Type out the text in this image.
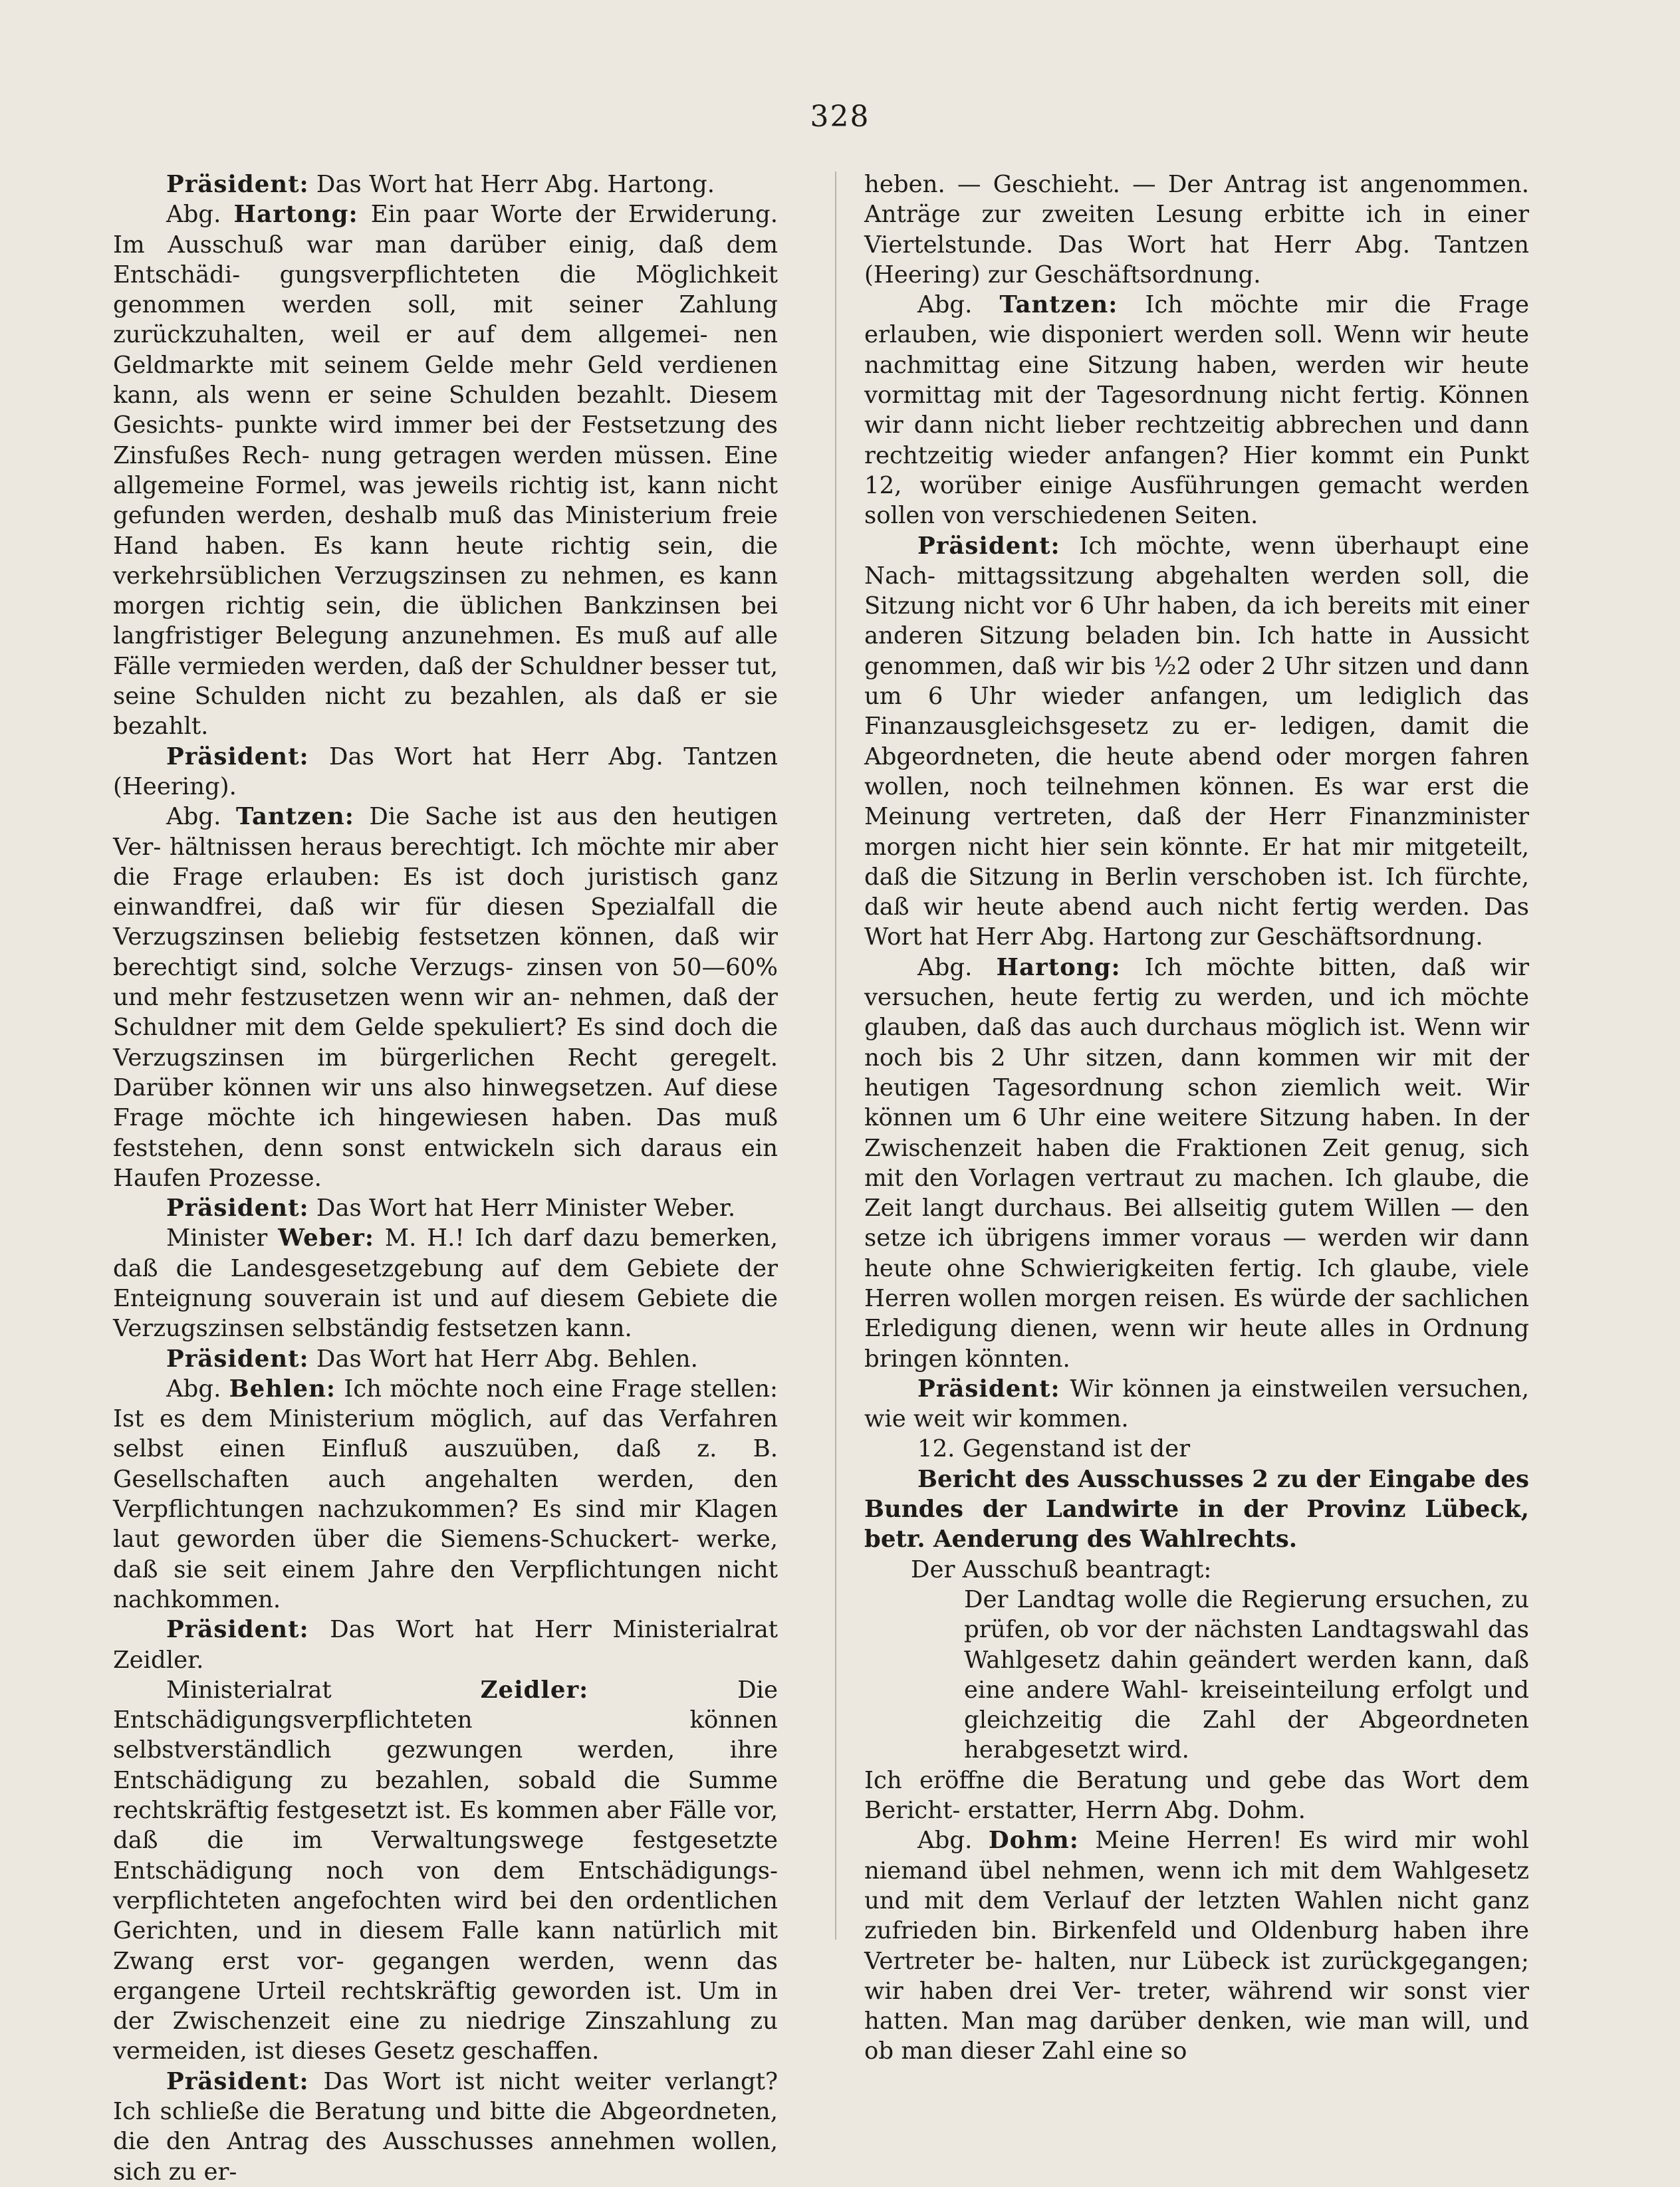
328

Präsident: Das Wort hat Herr Abg. Hartong.

Abg. Hartong: Ein paar Worte der Erwiderung. Im Ausschuß war man darüber einig, daß dem Entschädi- gungsverpflichteten die Möglichkeit genommen werden soll, mit seiner Zahlung zurückzuhalten, weil er auf dem allgemei- nen Geldmarkte mit seinem Gelde mehr Geld verdienen kann, als wenn er seine Schulden bezahlt. Diesem Gesichts- punkte wird immer bei der Festsetzung des Zinsfußes Rech- nung getragen werden müssen. Eine allgemeine Formel, was jeweils richtig ist, kann nicht gefunden werden, deshalb muß das Ministerium freie Hand haben. Es kann heute richtig sein, die verkehrsüblichen Verzugszinsen zu nehmen, es kann morgen richtig sein, die üblichen Bankzinsen bei langfristiger Belegung anzunehmen. Es muß auf alle Fälle vermieden werden, daß der Schuldner besser tut, seine Schulden nicht zu bezahlen, als daß er sie bezahlt.

Präsident: Das Wort hat Herr Abg. Tantzen (Heering).

Abg. Tantzen: Die Sache ist aus den heutigen Ver- hältnissen heraus berechtigt. Ich möchte mir aber die Frage erlauben: Es ist doch juristisch ganz einwandfrei, daß wir für diesen Spezialfall die Verzugszinsen beliebig festsetzen können, daß wir berechtigt sind, solche Verzugs- zinsen von 50—60% und mehr festzusetzen wenn wir an- nehmen, daß der Schuldner mit dem Gelde spekuliert? Es sind doch die Verzugszinsen im bürgerlichen Recht geregelt. Darüber können wir uns also hinwegsetzen. Auf diese Frage möchte ich hingewiesen haben. Das muß feststehen, denn sonst entwickeln sich daraus ein Haufen Prozesse.

Präsident: Das Wort hat Herr Minister Weber.

Minister Weber: M. H.! Ich darf dazu bemerken, daß die Landesgesetzgebung auf dem Gebiete der Enteignung souverain ist und auf diesem Gebiete die Verzugszinsen selbständig festsetzen kann.

Präsident: Das Wort hat Herr Abg. Behlen.

Abg. Behlen: Ich möchte noch eine Frage stellen: Ist es dem Ministerium möglich, auf das Verfahren selbst einen Einfluß auszuüben, daß z. B. Gesellschaften auch angehalten werden, den Verpflichtungen nachzukommen? Es sind mir Klagen laut geworden über die Siemens-Schuckert- werke, daß sie seit einem Jahre den Verpflichtungen nicht nachkommen.

Präsident: Das Wort hat Herr Ministerialrat Zeidler.

Ministerialrat Zeidler: Die Entschädigungsverpflichteten können selbstverständlich gezwungen werden, ihre Entschädigung zu bezahlen, sobald die Summe rechtskräftig festgesetzt ist. Es kommen aber Fälle vor, daß die im Verwaltungswege festgesetzte Entschädigung noch von dem Entschädigungs- verpflichteten angefochten wird bei den ordentlichen Gerichten, und in diesem Falle kann natürlich mit Zwang erst vor- gegangen werden, wenn das ergangene Urteil rechtskräftig geworden ist. Um in der Zwischenzeit eine zu niedrige Zinszahlung zu vermeiden, ist dieses Gesetz geschaffen.

Präsident: Das Wort ist nicht weiter verlangt? Ich schließe die Beratung und bitte die Abgeordneten, die den Antrag des Ausschusses annehmen wollen, sich zu er-

heben. — Geschieht. — Der Antrag ist angenommen. Anträge zur zweiten Lesung erbitte ich in einer Viertelstunde. Das Wort hat Herr Abg. Tantzen (Heering) zur Geschäftsordnung.

Abg. Tantzen: Ich möchte mir die Frage erlauben, wie disponiert werden soll. Wenn wir heute nachmittag eine Sitzung haben, werden wir heute vormittag mit der Tagesordnung nicht fertig. Können wir dann nicht lieber rechtzeitig abbrechen und dann rechtzeitig wieder anfangen? Hier kommt ein Punkt 12, worüber einige Ausführungen gemacht werden sollen von verschiedenen Seiten.

Präsident: Ich möchte, wenn überhaupt eine Nach- mittagssitzung abgehalten werden soll, die Sitzung nicht vor 6 Uhr haben, da ich bereits mit einer anderen Sitzung beladen bin. Ich hatte in Aussicht genommen, daß wir bis ½2 oder 2 Uhr sitzen und dann um 6 Uhr wieder anfangen, um lediglich das Finanzausgleichsgesetz zu er- ledigen, damit die Abgeordneten, die heute abend oder morgen fahren wollen, noch teilnehmen können. Es war erst die Meinung vertreten, daß der Herr Finanzminister morgen nicht hier sein könnte. Er hat mir mitgeteilt, daß die Sitzung in Berlin verschoben ist. Ich fürchte, daß wir heute abend auch nicht fertig werden. Das Wort hat Herr Abg. Hartong zur Geschäftsordnung.

Abg. Hartong: Ich möchte bitten, daß wir versuchen, heute fertig zu werden, und ich möchte glauben, daß das auch durchaus möglich ist. Wenn wir noch bis 2 Uhr sitzen, dann kommen wir mit der heutigen Tagesordnung schon ziemlich weit. Wir können um 6 Uhr eine weitere Sitzung haben. In der Zwischenzeit haben die Fraktionen Zeit genug, sich mit den Vorlagen vertraut zu machen. Ich glaube, die Zeit langt durchaus. Bei allseitig gutem Willen — den setze ich übrigens immer voraus — werden wir dann heute ohne Schwierigkeiten fertig. Ich glaube, viele Herren wollen morgen reisen. Es würde der sachlichen Erledigung dienen, wenn wir heute alles in Ordnung bringen könnten.

Präsident: Wir können ja einstweilen versuchen, wie weit wir kommen.

12. Gegenstand ist der

Bericht des Ausschusses 2 zu der Eingabe des Bundes der Landwirte in der Provinz Lübeck, betr. Aenderung des Wahlrechts.

Der Ausschuß beantragt:

Der Landtag wolle die Regierung ersuchen, zu prüfen, ob vor der nächsten Landtagswahl das Wahlgesetz dahin geändert werden kann, daß eine andere Wahl- kreiseinteilung erfolgt und gleichzeitig die Zahl der Abgeordneten herabgesetzt wird.

Ich eröffne die Beratung und gebe das Wort dem Bericht- erstatter, Herrn Abg. Dohm.

Abg. Dohm: Meine Herren! Es wird mir wohl niemand übel nehmen, wenn ich mit dem Wahlgesetz und mit dem Verlauf der letzten Wahlen nicht ganz zufrieden bin. Birkenfeld und Oldenburg haben ihre Vertreter be- halten, nur Lübeck ist zurückgegangen; wir haben drei Ver- treter, während wir sonst vier hatten. Man mag darüber denken, wie man will, und ob man dieser Zahl eine so
